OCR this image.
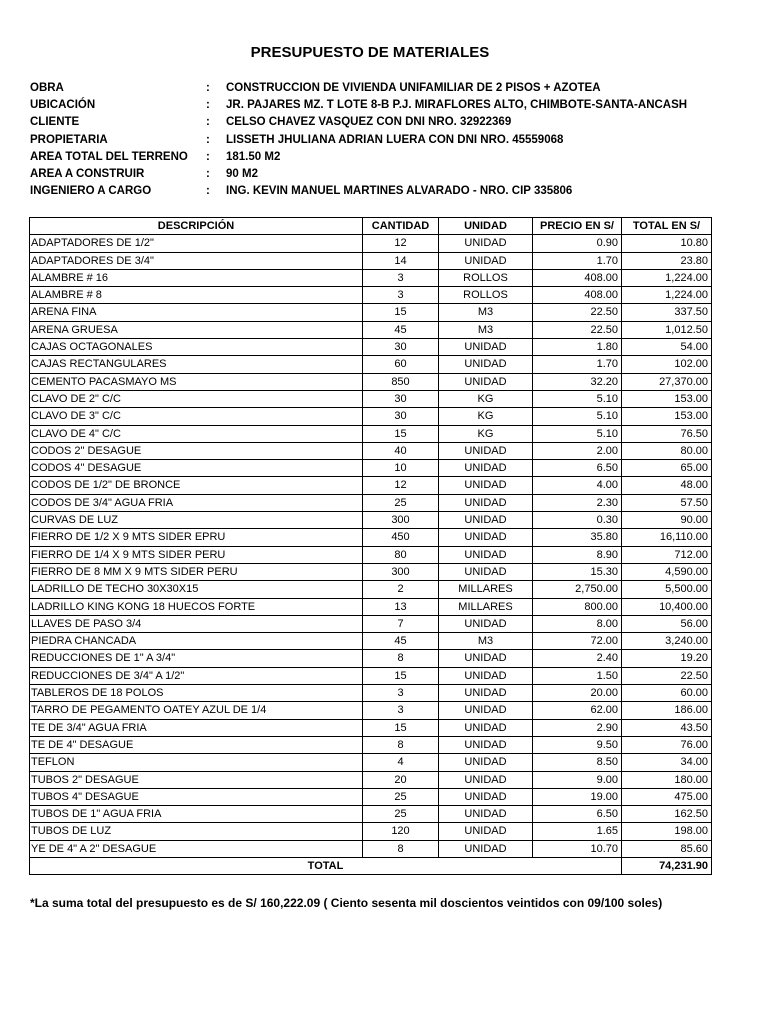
PRESUPUESTO DE MATERIALES
OBRA	:	CONSTRUCCION DE VIVIENDA UNIFAMILIAR DE 2 PISOS + AZOTEA
UBICACIÓN	:	JR. PAJARES MZ. T LOTE 8-B P.J. MIRAFLORES ALTO, CHIMBOTE-SANTA-ANCASH
CLIENTE	:	CELSO CHAVEZ VASQUEZ CON DNI NRO. 32922369
PROPIETARIA	:	LISSETH JHULIANA ADRIAN LUERA CON DNI NRO. 45559068
AREA TOTAL DEL TERRENO	:	181.50 M2
AREA A CONSTRUIR	:	90 M2
INGENIERO A CARGO	:	ING. KEVIN MANUEL MARTINES ALVARADO - NRO. CIP 335806
DESCRIPCIÓN	CANTIDAD	UNIDAD	PRECIO EN S/	TOTAL EN S/
ADAPTADORES DE 1/2"	12	UNIDAD	0.90	10.80
ADAPTADORES DE 3/4"	14	UNIDAD	1.70	23.80
ALAMBRE # 16	3	ROLLOS	408.00	1,224.00
ALAMBRE # 8	3	ROLLOS	408.00	1,224.00
ARENA FINA	15	M3	22.50	337.50
ARENA GRUESA	45	M3	22.50	1,012.50
CAJAS OCTAGONALES	30	UNIDAD	1.80	54.00
CAJAS RECTANGULARES	60	UNIDAD	1.70	102.00
CEMENTO PACASMAYO MS	850	UNIDAD	32.20	27,370.00
CLAVO DE 2" C/C	30	KG	5.10	153.00
CLAVO DE 3" C/C	30	KG	5.10	153.00
CLAVO DE 4" C/C	15	KG	5.10	76.50
CODOS 2" DESAGUE	40	UNIDAD	2.00	80.00
CODOS 4" DESAGUE	10	UNIDAD	6.50	65.00
CODOS DE 1/2" DE BRONCE	12	UNIDAD	4.00	48.00
CODOS DE 3/4" AGUA FRIA	25	UNIDAD	2.30	57.50
CURVAS DE LUZ	300	UNIDAD	0.30	90.00
FIERRO DE 1/2 X 9 MTS SIDER EPRU	450	UNIDAD	35.80	16,110.00
FIERRO DE 1/4 X 9 MTS SIDER PERU	80	UNIDAD	8.90	712.00
FIERRO DE 8 MM X 9 MTS SIDER PERU	300	UNIDAD	15.30	4,590.00
LADRILLO DE TECHO 30X30X15	2	MILLARES	2,750.00	5,500.00
LADRILLO KING KONG 18 HUECOS FORTE	13	MILLARES	800.00	10,400.00
LLAVES DE PASO 3/4	7	UNIDAD	8.00	56.00
PIEDRA CHANCADA	45	M3	72.00	3,240.00
REDUCCIONES DE 1" A 3/4"	8	UNIDAD	2.40	19.20
REDUCCIONES DE 3/4" A 1/2"	15	UNIDAD	1.50	22.50
TABLEROS DE 18 POLOS	3	UNIDAD	20.00	60.00
TARRO DE PEGAMENTO OATEY AZUL DE 1/4	3	UNIDAD	62.00	186.00
TE DE 3/4" AGUA FRIA	15	UNIDAD	2.90	43.50
TE DE 4" DESAGUE	8	UNIDAD	9.50	76.00
TEFLON	4	UNIDAD	8.50	34.00
TUBOS 2" DESAGUE	20	UNIDAD	9.00	180.00
TUBOS 4" DESAGUE	25	UNIDAD	19.00	475.00
TUBOS DE 1" AGUA FRIA	25	UNIDAD	6.50	162.50
TUBOS DE LUZ	120	UNIDAD	1.65	198.00
YE DE 4" A 2" DESAGUE	8	UNIDAD	10.70	85.60
TOTAL				74,231.90
*La suma total del presupuesto es de S/ 160,222.09 ( Ciento sesenta mil doscientos veintidos con 09/100 soles)
